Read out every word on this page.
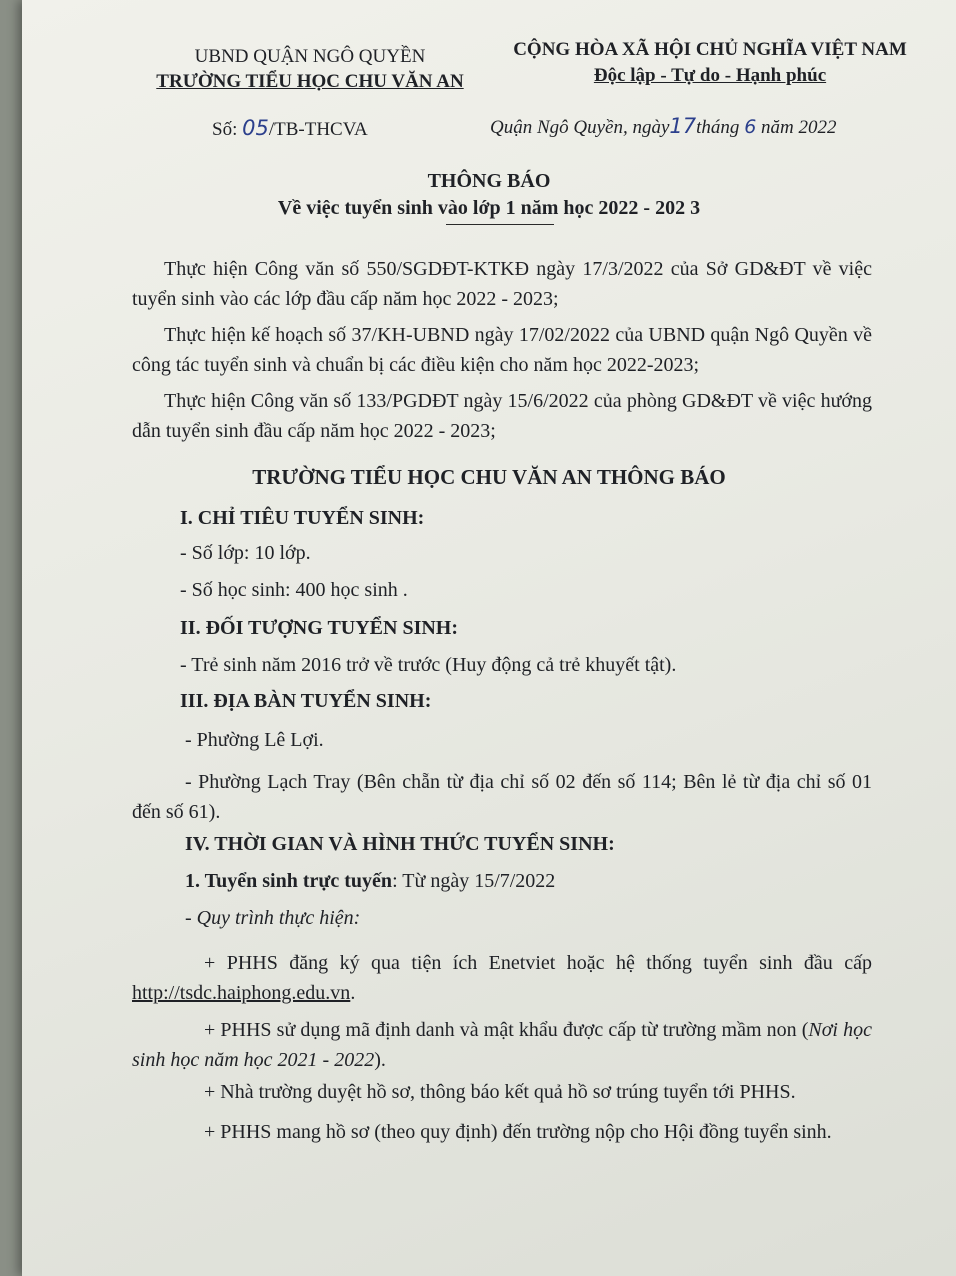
UBND QUẬN NGÔ QUYỀN
TRƯỜNG TIỂU HỌC CHU VĂN AN
Số: 05/TB-THCVA
CỘNG HÒA XÃ HỘI CHỦ NGHĨA VIỆT NAM
Độc lập - Tự do - Hạnh phúc
Quận Ngô Quyền, ngày17tháng 6 năm 2022
THÔNG BÁO
Về việc tuyển sinh vào lớp 1 năm học 2022 - 202 3
Thực hiện Công văn số 550/SGDĐT-KTKĐ ngày 17/3/2022 của Sở GD&ĐT về việc tuyển sinh vào các lớp đầu cấp năm học 2022 - 2023;
Thực hiện kế hoạch số 37/KH-UBND ngày 17/02/2022 của UBND quận Ngô Quyền về công tác tuyển sinh và chuẩn bị các điều kiện cho năm học 2022-2023;
Thực hiện Công văn số 133/PGDĐT ngày 15/6/2022 của phòng GD&ĐT về việc hướng dẫn tuyển sinh đầu cấp năm học 2022 - 2023;
TRƯỜNG TIỂU HỌC CHU VĂN AN THÔNG BÁO
I. CHỈ TIÊU TUYỂN SINH:
- Số lớp: 10 lớp.
- Số học sinh: 400 học sinh .
II. ĐỐI TƯỢNG TUYỂN SINH:
- Trẻ sinh năm 2016 trở về trước (Huy động cả trẻ khuyết tật).
III. ĐỊA BÀN TUYỂN SINH:
- Phường Lê Lợi.
- Phường Lạch Tray (Bên chẵn từ địa chỉ số 02 đến số 114; Bên lẻ từ địa chỉ số 01 đến số 61).
IV. THỜI GIAN VÀ HÌNH THỨC TUYỂN SINH:
1. Tuyển sinh trực tuyến: Từ ngày 15/7/2022
- Quy trình thực hiện:
+ PHHS đăng ký qua tiện ích Enetviet hoặc hệ thống tuyển sinh đầu cấp http://tsdc.haiphong.edu.vn.
+ PHHS sử dụng mã định danh và mật khẩu được cấp từ trường mầm non (Nơi học sinh học năm học 2021 - 2022).
+ Nhà trường duyệt hồ sơ, thông báo kết quả hồ sơ trúng tuyển tới PHHS.
+ PHHS mang hồ sơ (theo quy định) đến trường nộp cho Hội đồng tuyển sinh.
